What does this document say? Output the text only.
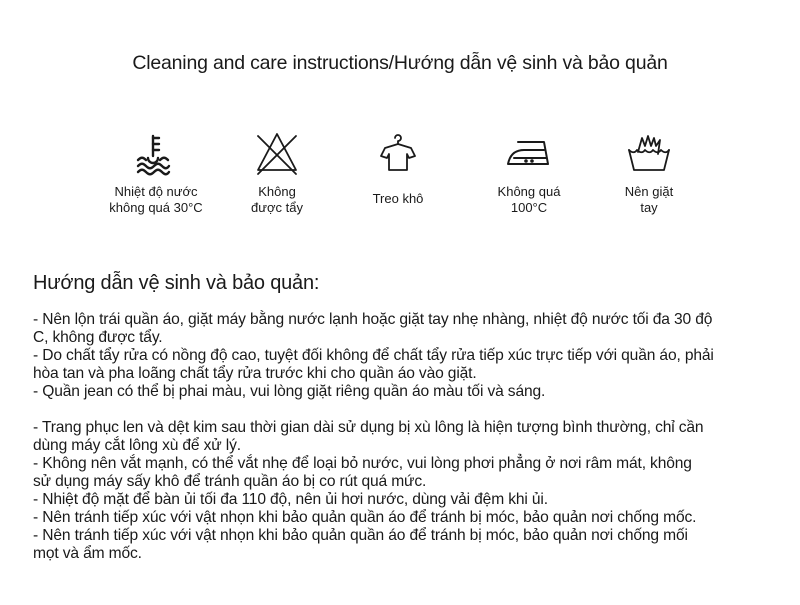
Cleaning and care instructions/Hướng dẫn vệ sinh và bảo quản
Nhiệt độ nước
không quá 30°C
Không
được tẩy
Treo khô	Không quá
100°C
Nên giặt
tay
Hướng dẫn vệ sinh và bảo quản:
- Nên lộn trái quần áo, giặt máy bằng nước lạnh hoặc giặt tay nhẹ nhàng, nhiệt độ nước tối đa 30 độ
C, không được tẩy.
- Do chất tẩy rửa có nồng độ cao, tuyệt đối không để chất tẩy rửa tiếp xúc trực tiếp với quần áo, phải
hòa tan và pha loãng chất tẩy rửa trước khi cho quần áo vào giặt.
- Quần jean có thể bị phai màu, vui lòng giặt riêng quần áo màu tối và sáng.
- Trang phục len và dệt kim sau thời gian dài sử dụng bị xù lông là hiện tượng bình thường, chỉ cần
dùng máy cắt lông xù để xử lý.
- Không nên vắt mạnh, có thể vắt nhẹ để loại bỏ nước, vui lòng phơi phẳng ở nơi râm mát, không
sử dụng máy sấy khô để tránh quần áo bị co rút quá mức.
- Nhiệt độ mặt để bàn ủi tối đa 110 độ, nên ủi hơi nước, dùng vải đệm khi ủi.
- Nên tránh tiếp xúc với vật nhọn khi bảo quản quần áo để tránh bị móc, bảo quản nơi chống mốc.
- Nên tránh tiếp xúc với vật nhọn khi bảo quản quần áo để tránh bị móc, bảo quản nơi chống mối
mọt và ẩm mốc.
